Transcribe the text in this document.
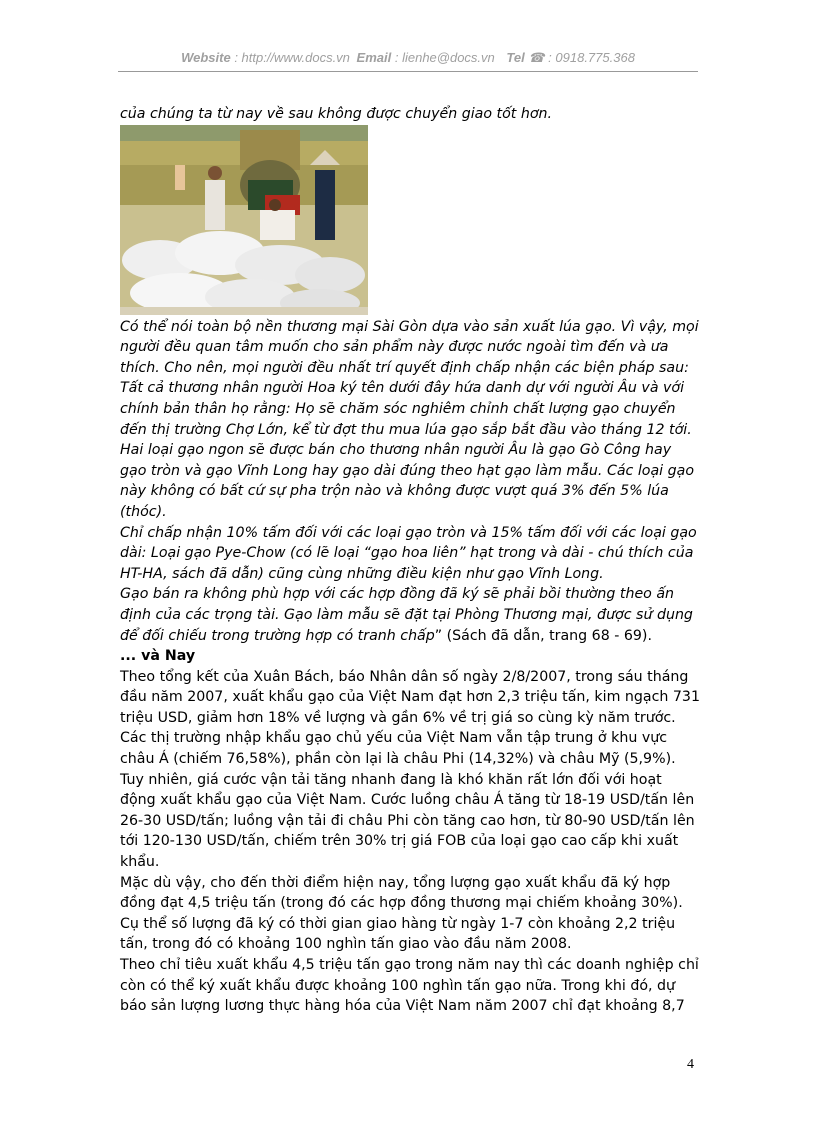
Website : http://www.docs.vn Email : lienhe@docs.vn Tel ☎ : 0918.775.368

của chúng ta từ nay về sau không được chuyển giao tốt hơn.

Có thể nói toàn bộ nền thương mại Sài Gòn dựa vào sản xuất lúa gạo. Vì vậy, mọi người đều quan tâm muốn cho sản phẩm này được nước ngoài tìm đến và ưa thích. Cho nên, mọi người đều nhất trí quyết định chấp nhận các biện pháp sau:

Tất cả thương nhân người Hoa ký tên dưới đây hứa danh dự với người Âu và với chính bản thân họ rằng: Họ sẽ chăm sóc nghiêm chỉnh chất lượng gạo chuyển đến thị trường Chợ Lớn, kể từ đợt thu mua lúa gạo sắp bắt đầu vào tháng 12 tới. Hai loại gạo ngon sẽ được bán cho thương nhân người Âu là gạo Gò Công hay gạo tròn và gạo Vĩnh Long hay gạo dài đúng theo hạt gạo làm mẫu. Các loại gạo này không có bất cứ sự pha trộn nào và không được vượt quá 3% đến 5% lúa (thóc).

Chỉ chấp nhận 10% tấm đối với các loại gạo tròn và 15% tấm đối với các loại gạo dài: Loại gạo Pye-Chow (có lẽ loại “gạo hoa liên” hạt trong và dài - chú thích của HT-HA, sách đã dẫn) cũng cùng những điều kiện như gạo Vĩnh Long.

Gạo bán ra không phù hợp với các hợp đồng đã ký sẽ phải bồi thường theo ấn định của các trọng tài. Gạo làm mẫu sẽ đặt tại Phòng Thương mại, được sử dụng để đối chiếu trong trường hợp có tranh chấp” (Sách đã dẫn, trang 68 - 69).

... và Nay

Theo tổng kết của Xuân Bách, báo Nhân dân số ngày 2/8/2007, trong sáu tháng đầu năm 2007, xuất khẩu gạo của Việt Nam đạt hơn 2,3 triệu tấn, kim ngạch 731 triệu USD, giảm hơn 18% về lượng và gần 6% về trị giá so cùng kỳ năm trước. Các thị trường nhập khẩu gạo chủ yếu của Việt Nam vẫn tập trung ở khu vực châu Á (chiếm 76,58%), phần còn lại là châu Phi (14,32%) và châu Mỹ (5,9%). Tuy nhiên, giá cước vận tải tăng nhanh đang là khó khăn rất lớn đối với hoạt động xuất khẩu gạo của Việt Nam. Cước luồng châu Á tăng từ 18-19 USD/tấn lên 26-30 USD/tấn; luồng vận tải đi châu Phi còn tăng cao hơn, từ 80-90 USD/tấn lên tới 120-130 USD/tấn, chiếm trên 30% trị giá FOB của loại gạo cao cấp khi xuất khẩu.

Mặc dù vậy, cho đến thời điểm hiện nay, tổng lượng gạo xuất khẩu đã ký hợp đồng đạt 4,5 triệu tấn (trong đó các hợp đồng thương mại chiếm khoảng 30%). Cụ thể số lượng đã ký có thời gian giao hàng từ ngày 1-7 còn khoảng 2,2 triệu tấn, trong đó có khoảng 100 nghìn tấn giao vào đầu năm 2008.

Theo chỉ tiêu xuất khẩu 4,5 triệu tấn gạo trong năm nay thì các doanh nghiệp chỉ còn có thể ký xuất khẩu được khoảng 100 nghìn tấn gạo nữa. Trong khi đó, dự báo sản lượng lương thực hàng hóa của Việt Nam năm 2007 chỉ đạt khoảng 8,7

4
